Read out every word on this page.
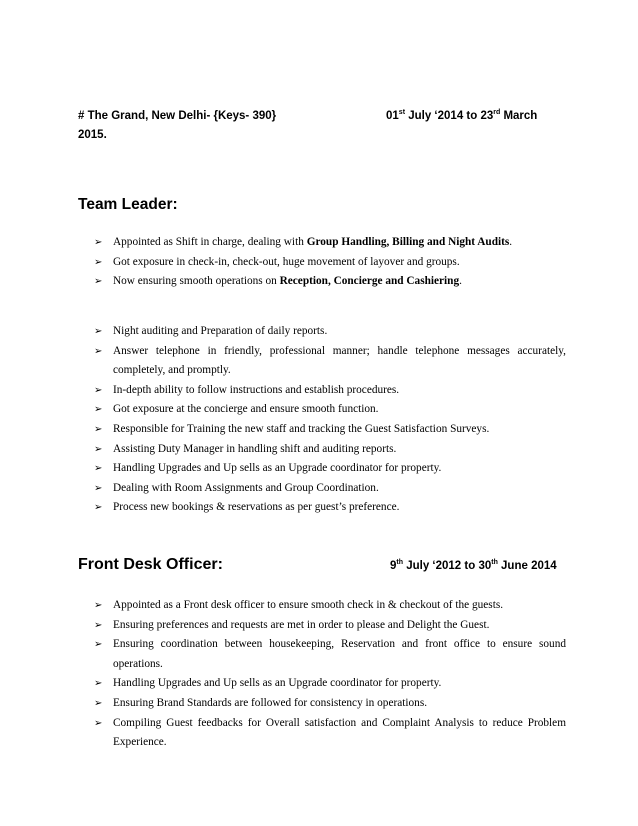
# The Grand, New Delhi- {Keys- 390}	01st July ‘2014 to 23rd March
2015.
Team Leader:
➢ Appointed as Shift in charge, dealing with Group Handling, Billing and Night Audits.
➢ Got exposure in check-in, check-out, huge movement of layover and groups.
➢ Now ensuring smooth operations on Reception, Concierge and Cashiering.
➢ Night auditing and Preparation of daily reports.
➢ Answer telephone in friendly, professional manner; handle telephone messages accurately, completely, and promptly.
➢ In-depth ability to follow instructions and establish procedures.
➢ Got exposure at the concierge and ensure smooth function.
➢ Responsible for Training the new staff and tracking the Guest Satisfaction Surveys.
➢ Assisting Duty Manager in handling shift and auditing reports.
➢ Handling Upgrades and Up sells as an Upgrade coordinator for property.
➢ Dealing with Room Assignments and Group Coordination.
➢ Process new bookings & reservations as per guest’s preference.
Front Desk Officer:	9th July ‘2012 to 30th June 2014
➢ Appointed as a Front desk officer to ensure smooth check in & checkout of the guests.
➢ Ensuring preferences and requests are met in order to please and Delight the Guest.
➢ Ensuring coordination between housekeeping, Reservation and front office to ensure sound operations.
➢ Handling Upgrades and Up sells as an Upgrade coordinator for property.
➢ Ensuring Brand Standards are followed for consistency in operations.
➢ Compiling Guest feedbacks for Overall satisfaction and Complaint Analysis to reduce Problem Experience.
